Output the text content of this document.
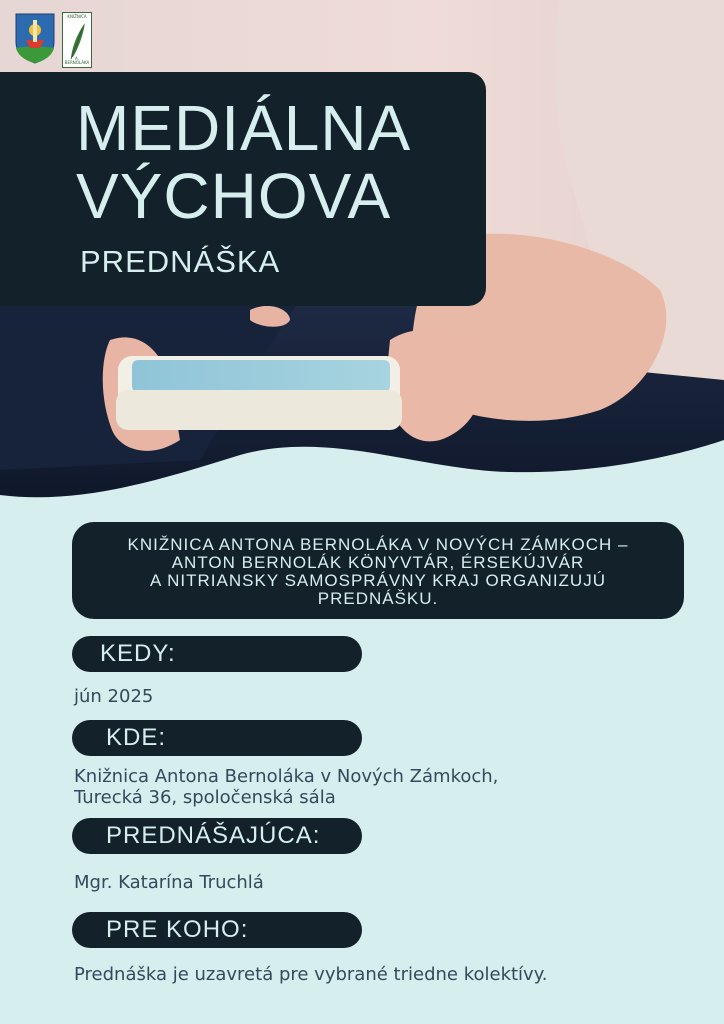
KNIŽNICA
A. BERNOLÁKA
MEDIÁLNA
VÝCHOVA
PREDNÁŠKA
KNIŽNICA ANTONA BERNOLÁKA V NOVÝCH ZÁMKOCH –
ANTON BERNOLÁK KÖNYVTÁR, ÉRSEKÚJVÁR
A NITRIANSKY SAMOSPRÁVNY KRAJ ORGANIZUJÚ
PREDNÁŠKU.
KEDY:
jún 2025
KDE:
Knižnica Antona Bernoláka v Nových Zámkoch,
Turecká 36, spoločenská sála
PREDNÁŠAJÚCA:
Mgr. Katarína Truchlá
PRE KOHO:
Prednáška je uzavretá pre vybrané triedne kolektívy.
